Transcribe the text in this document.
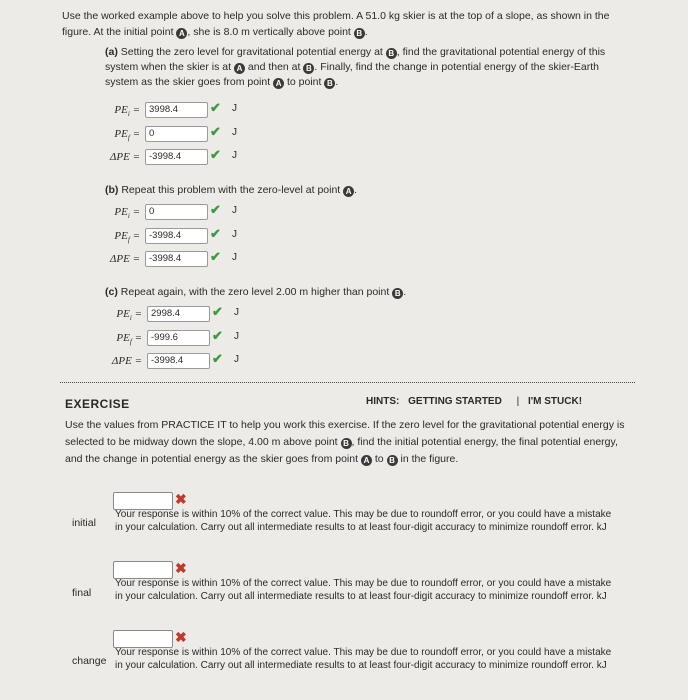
Use the worked example above to help you solve this problem. A 51.0 kg skier is at the top of a slope, as shown in the figure. At the initial point A , she is 8.0 m vertically above point B .
(a) Setting the zero level for gravitational potential energy at B , find the gravitational potential energy of this system when the skier is at A and then at B . Finally, find the change in potential energy of the skier-Earth system as the skier goes from point A to point B .
$PE_i = 3998.4$	✔ J
$PE_f = 0$	✔ J
ΔPE = -3998.4	✔ J
(b) Repeat this problem with the zero-level at point A .
$PE_i = 0$	✔ J
$PE_f = -3998.4$	✔ J
ΔPE = -3998.4	✔ J
(c) Repeat again, with the zero level 2.00 m higher than point B .
$PE_i = 2998.4$	✔ J
$PE_f = -999.6$	✔ J
ΔPE = -3998.4	✔ J
EXERCISE	HINTS: GETTING STARTED | I'M STUCK!
Use the values from PRACTICE IT to help you work this exercise. If the zero level for the gravitational potential energy is selected to be midway down the slope, 4.00 m above point B , find the initial potential energy, the final potential energy, and the change in potential energy as the skier goes from point A to B in the figure.
✖
initial
Your response is within 10% of the correct value. This may be due to roundoff error, or you could have a mistake in your calculation. Carry out all intermediate results to at least four-digit accuracy to minimize roundoff error. kJ
✖
final
Your response is within 10% of the correct value. This may be due to roundoff error, or you could have a mistake in your calculation. Carry out all intermediate results to at least four-digit accuracy to minimize roundoff error. kJ
✖
change
Your response is within 10% of the correct value. This may be due to roundoff error, or you could have a mistake in your calculation. Carry out all intermediate results to at least four-digit accuracy to minimize roundoff error. kJ
